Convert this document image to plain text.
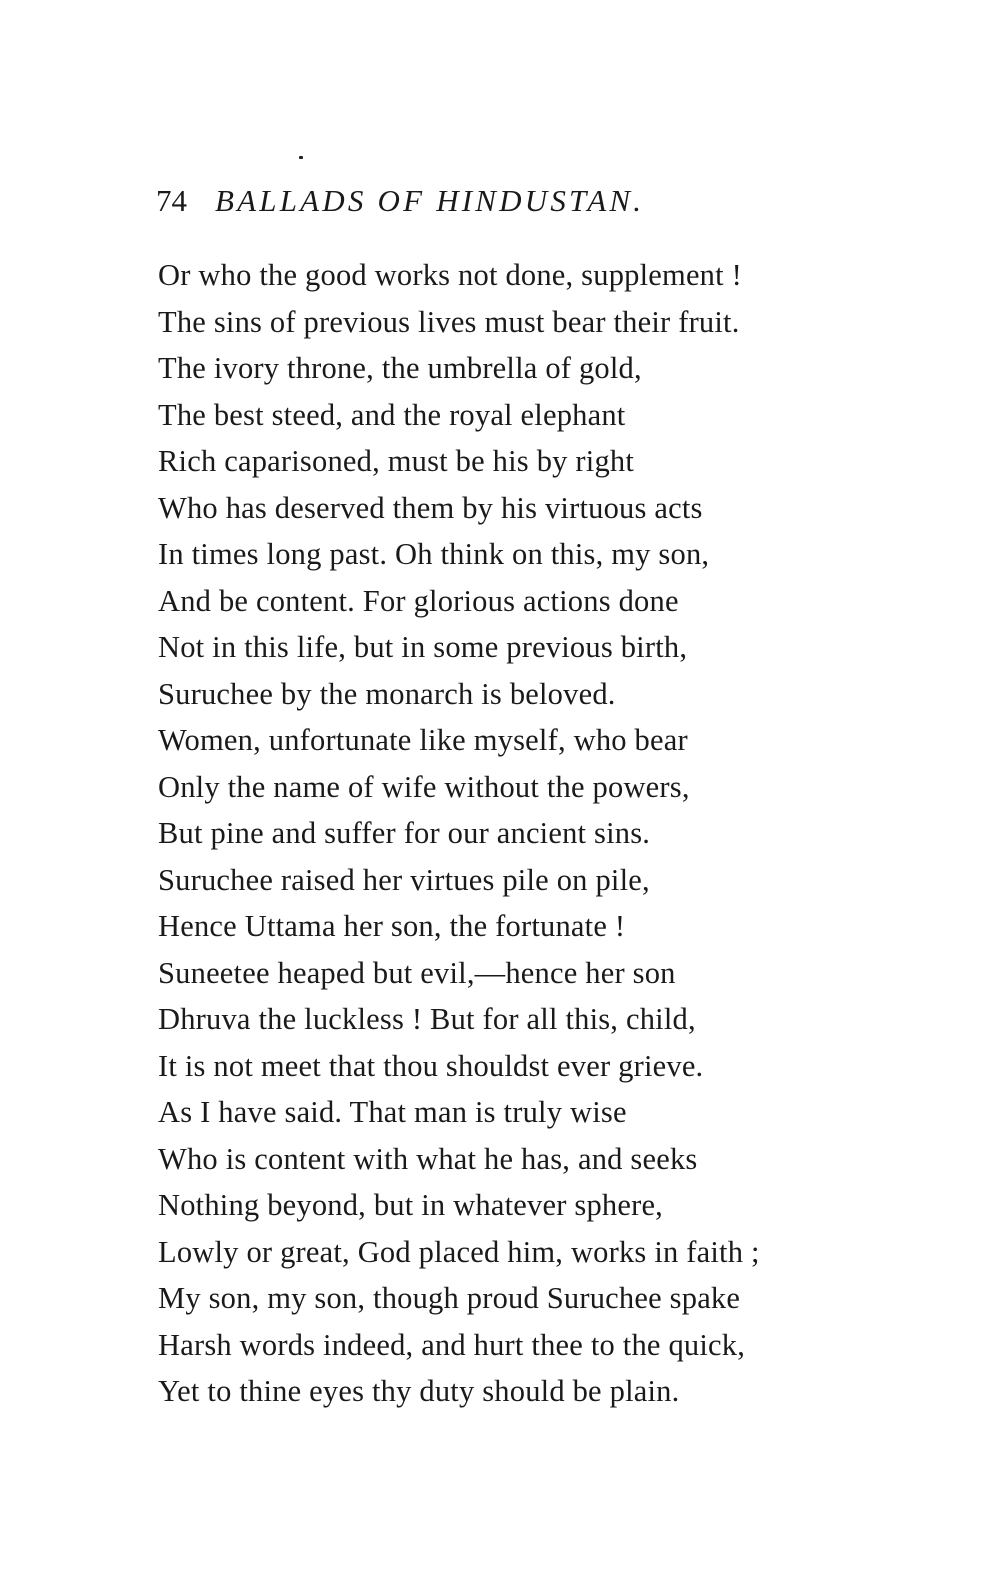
74 BALLADS OF HINDUSTAN.
Or who the good works not done, supplement !
The sins of previous lives must bear their fruit.
The ivory throne, the umbrella of gold,
The best steed, and the royal elephant
Rich caparisoned, must be his by right
Who has deserved them by his virtuous acts
In times long past. Oh think on this, my son,
And be content. For glorious actions done
Not in this life, but in some previous birth,
Suruchee by the monarch is beloved.
Women, unfortunate like myself, who bear
Only the name of wife without the powers,
But pine and suffer for our ancient sins.
Suruchee raised her virtues pile on pile,
Hence Uttama her son, the fortunate !
Suneetee heaped but evil,—hence her son
Dhruva the luckless ! But for all this, child,
It is not meet that thou shouldst ever grieve.
As I have said. That man is truly wise
Who is content with what he has, and seeks
Nothing beyond, but in whatever sphere,
Lowly or great, God placed him, works in faith ;
My son, my son, though proud Suruchee spake
Harsh words indeed, and hurt thee to the quick,
Yet to thine eyes thy duty should be plain.
